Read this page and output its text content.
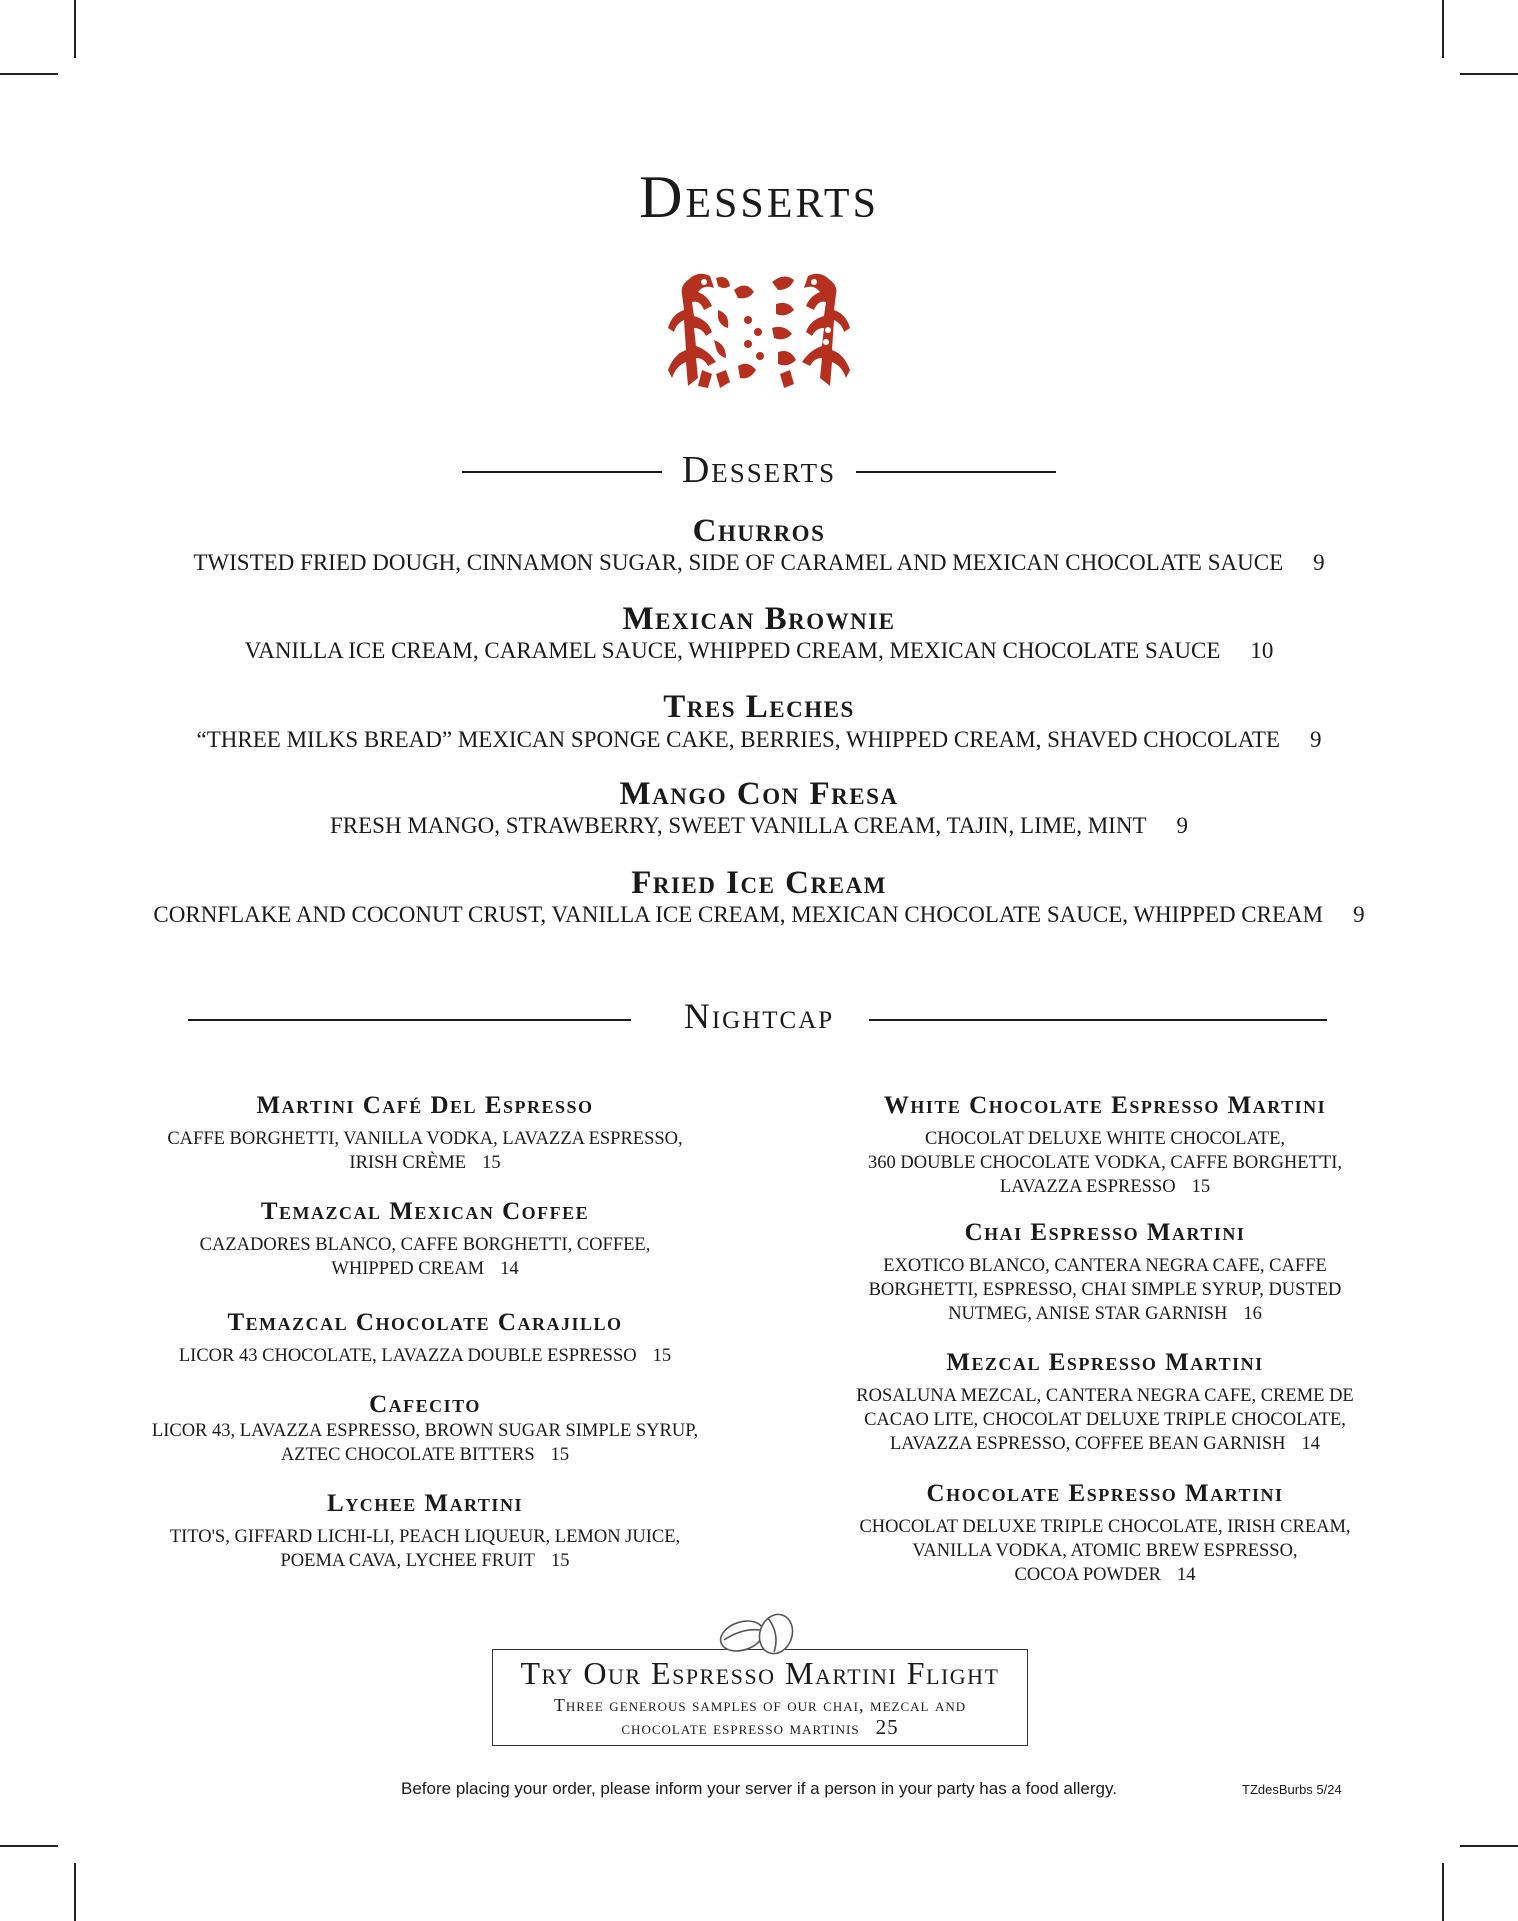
Desserts
Desserts
Churros
TWISTED FRIED DOUGH, CINNAMON SUGAR, SIDE OF CARAMEL AND MEXICAN CHOCOLATE SAUCE 9
Mexican Brownie
VANILLA ICE CREAM, CARAMEL SAUCE, WHIPPED CREAM, MEXICAN CHOCOLATE SAUCE 10
Tres Leches
“THREE MILKS BREAD” MEXICAN SPONGE CAKE, BERRIES, WHIPPED CREAM, SHAVED CHOCOLATE 9
Mango Con Fresa
FRESH MANGO, STRAWBERRY, SWEET VANILLA CREAM, TAJIN, LIME, MINT 9
Fried Ice Cream
CORNFLAKE AND COCONUT CRUST, VANILLA ICE CREAM, MEXICAN CHOCOLATE SAUCE, WHIPPED CREAM 9
Nightcap
Martini Café Del Espresso
CAFFE BORGHETTI, VANILLA VODKA, LAVAZZA ESPRESSO,
IRISH CRÈME 15
Temazcal Mexican Coffee
CAZADORES BLANCO, CAFFE BORGHETTI, COFFEE,
WHIPPED CREAM 14
Temazcal Chocolate Carajillo
LICOR 43 CHOCOLATE, LAVAZZA DOUBLE ESPRESSO 15
Cafecito
LICOR 43, LAVAZZA ESPRESSO, BROWN SUGAR SIMPLE SYRUP,
AZTEC CHOCOLATE BITTERS 15
Lychee Martini
TITO'S, GIFFARD LICHI-LI, PEACH LIQUEUR, LEMON JUICE,
POEMA CAVA, LYCHEE FRUIT 15
White Chocolate Espresso Martini
CHOCOLAT DELUXE WHITE CHOCOLATE,
360 DOUBLE CHOCOLATE VODKA, CAFFE BORGHETTI,
LAVAZZA ESPRESSO 15
Chai Espresso Martini
EXOTICO BLANCO, CANTERA NEGRA CAFE, CAFFE
BORGHETTI, ESPRESSO, CHAI SIMPLE SYRUP, DUSTED
NUTMEG, ANISE STAR GARNISH 16
Mezcal Espresso Martini
ROSALUNA MEZCAL, CANTERA NEGRA CAFE, CREME DE
CACAO LITE, CHOCOLAT DELUXE TRIPLE CHOCOLATE,
LAVAZZA ESPRESSO, COFFEE BEAN GARNISH 14
Chocolate Espresso Martini
CHOCOLAT DELUXE TRIPLE CHOCOLATE, IRISH CREAM,
VANILLA VODKA, ATOMIC BREW ESPRESSO,
COCOA POWDER 14
Try Our Espresso Martini Flight
Three generous samples of our chai, mezcal and
chocolate espresso martinis 25
Before placing your order, please inform your server if a person in your party has a food allergy.	TZdesBurbs 5/24
